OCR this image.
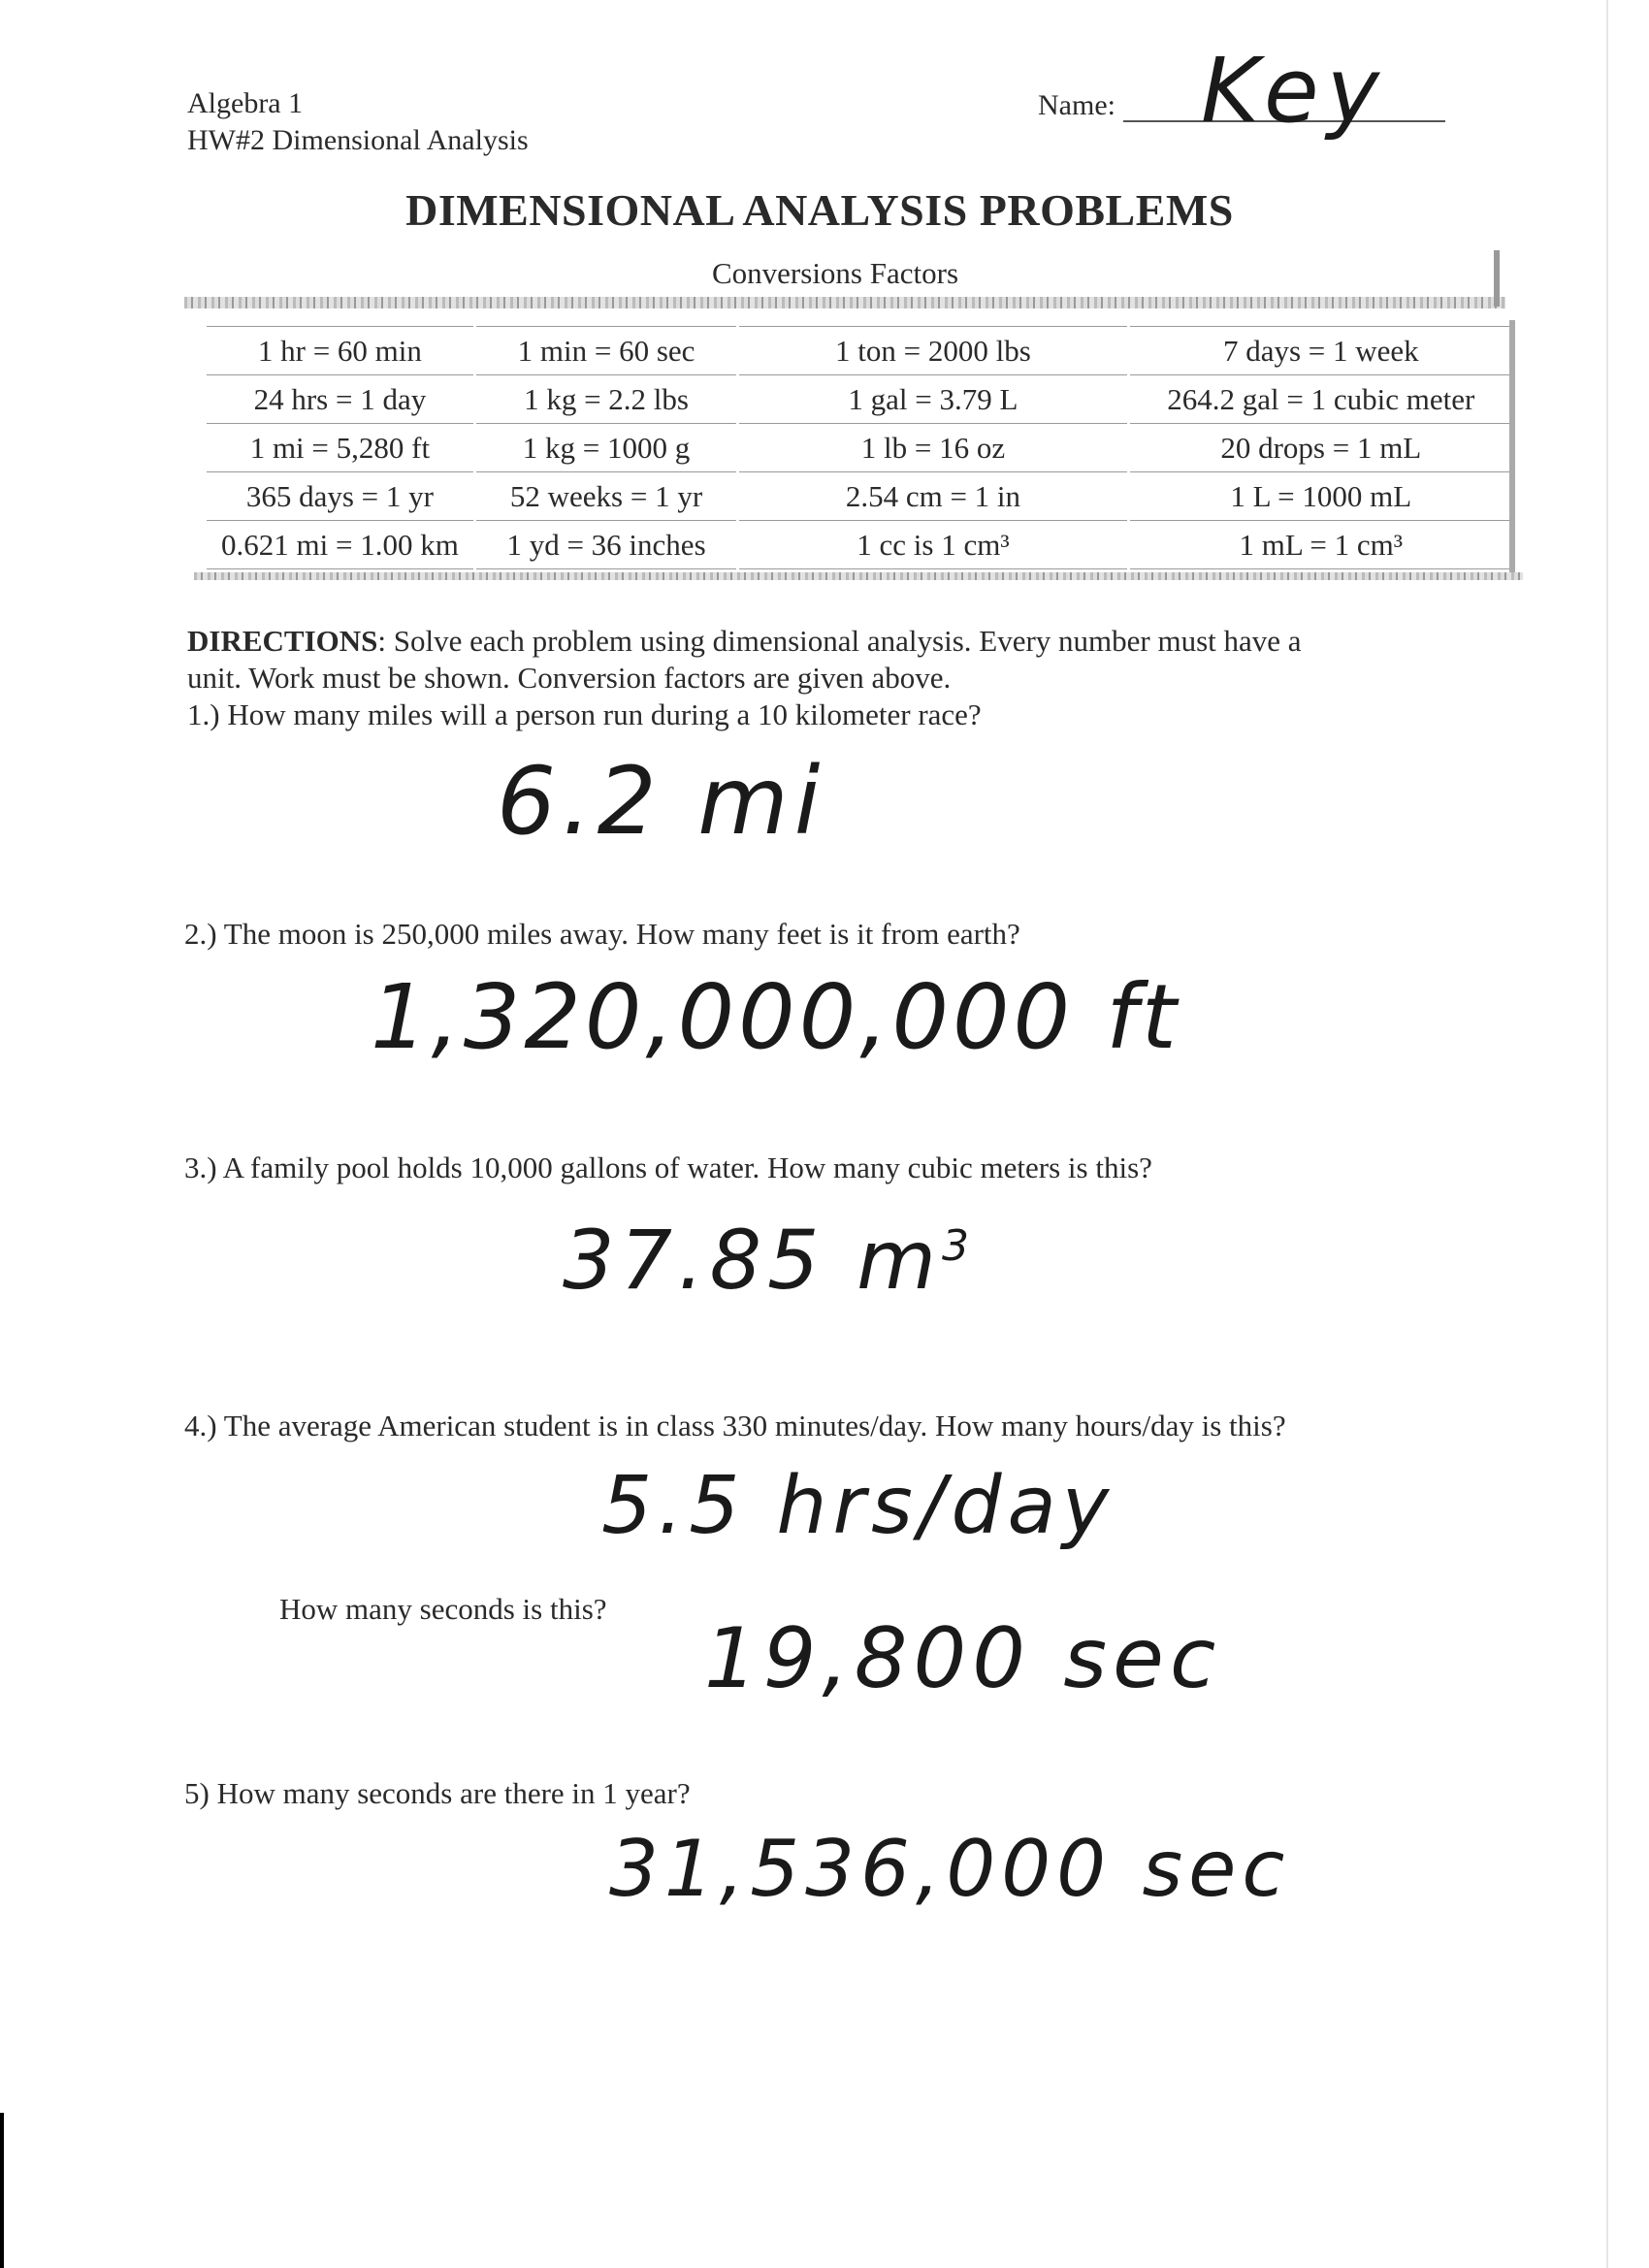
Algebra 1
HW#2 Dimensional Analysis
Name: Key
DIMENSIONAL ANALYSIS PROBLEMS
Conversions Factors
1 hr = 60 min	1 min = 60 sec	1 ton = 2000 lbs	7 days = 1 week
24 hrs = 1 day	1 kg = 2.2 lbs	1 gal = 3.79 L	264.2 gal = 1 cubic meter
1 mi = 5,280 ft	1 kg = 1000 g	1 lb = 16 oz	20 drops = 1 mL
365 days = 1 yr	52 weeks = 1 yr	2.54 cm = 1 in	1 L = 1000 mL
0.621 mi = 1.00 km	1 yd = 36 inches	1 cc is 1 cm³	1 mL = 1 cm³
DIRECTIONS: Solve each problem using dimensional analysis. Every number must have a
unit. Work must be shown. Conversion factors are given above.
1.) How many miles will a person run during a 10 kilometer race?
6.2 mi
2.) The moon is 250,000 miles away. How many feet is it from earth?
1,320,000,000 ft
3.) A family pool holds 10,000 gallons of water. How many cubic meters is this?
37.85 $m^3$
4.) The average American student is in class 330 minutes/day. How many hours/day is this?
5.5 hrs/day
How many seconds is this?
19,800 sec
5) How many seconds are there in 1 year?
31,536,000 sec
